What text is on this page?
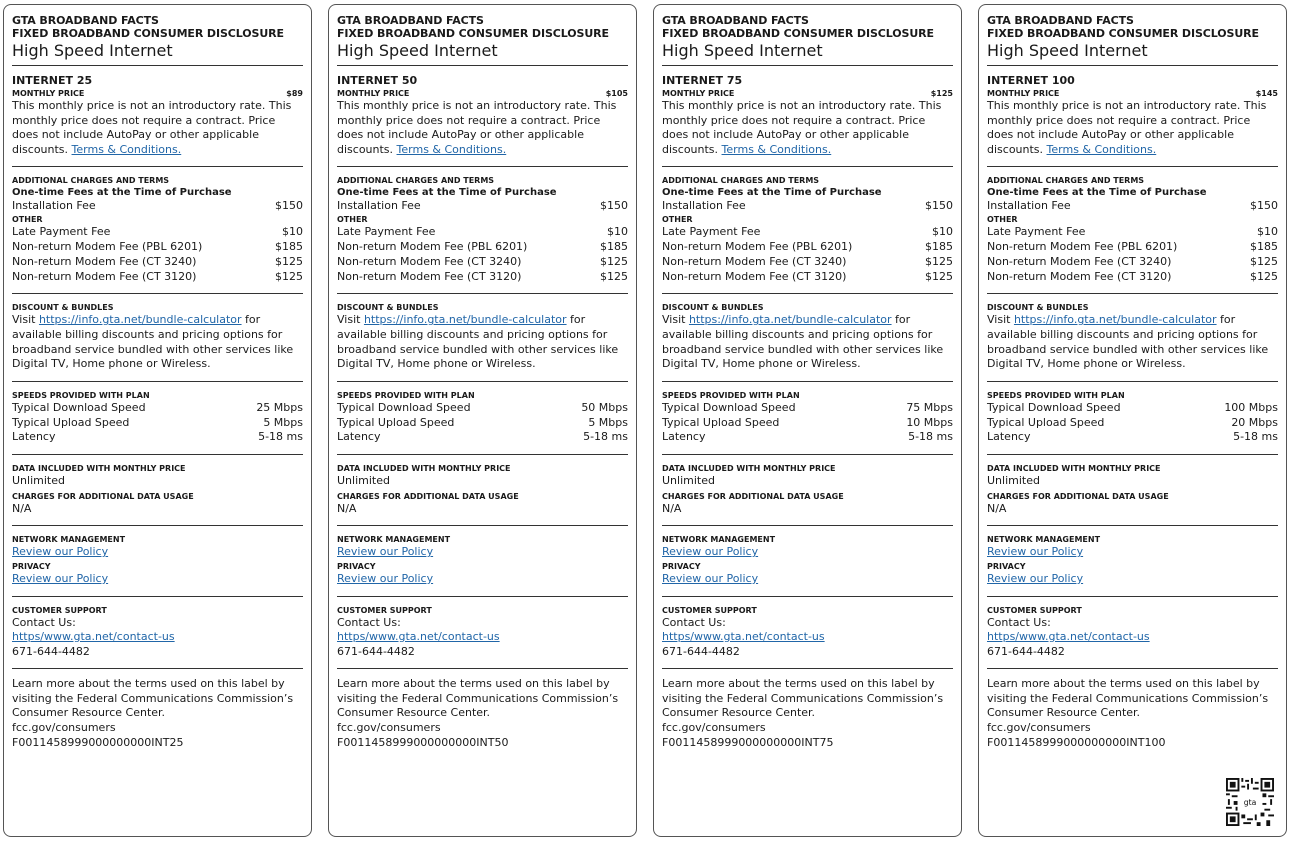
GTA BROADBAND FACTS
FIXED BROADBAND CONSUMER DISCLOSURE
High Speed Internet
INTERNET 25
MONTHLY PRICE	$89
This monthly price is not an introductory rate. This monthly price does not require a contract. Price does not include AutoPay or other applicable discounts. Terms & Conditions.
ADDITIONAL CHARGES AND TERMS
One-time Fees at the Time of Purchase
Installation Fee	$150
OTHER
Late Payment Fee	$10
Non-return Modem Fee (PBL 6201)	$185
Non-return Modem Fee (CT 3240)	$125
Non-return Modem Fee (CT 3120)	$125
DISCOUNT & BUNDLES
Visit https://info.gta.net/bundle-calculator for available billing discounts and pricing options for broadband service bundled with other services like Digital TV, Home phone or Wireless.
SPEEDS PROVIDED WITH PLAN
Typical Download Speed	25 Mbps
Typical Upload Speed	5 Mbps
Latency	5-18 ms
DATA INCLUDED WITH MONTHLY PRICE
Unlimited
CHARGES FOR ADDITIONAL DATA USAGE
N/A
NETWORK MANAGEMENT
Review our Policy
PRIVACY
Review our Policy
CUSTOMER SUPPORT
Contact Us:
https/www.gta.net/contact-us
671-644-4482
Learn more about the terms used on this label by visiting the Federal Communications Commission’s Consumer Resource Center.
fcc.gov/consumers
F0011458999000000000INT25
GTA BROADBAND FACTS
FIXED BROADBAND CONSUMER DISCLOSURE
High Speed Internet
INTERNET 50
MONTHLY PRICE	$105
This monthly price is not an introductory rate. This monthly price does not require a contract. Price does not include AutoPay or other applicable discounts. Terms & Conditions.
ADDITIONAL CHARGES AND TERMS
One-time Fees at the Time of Purchase
Installation Fee	$150
OTHER
Late Payment Fee	$10
Non-return Modem Fee (PBL 6201)	$185
Non-return Modem Fee (CT 3240)	$125
Non-return Modem Fee (CT 3120)	$125
DISCOUNT & BUNDLES
Visit https://info.gta.net/bundle-calculator for available billing discounts and pricing options for broadband service bundled with other services like Digital TV, Home phone or Wireless.
SPEEDS PROVIDED WITH PLAN
Typical Download Speed	50 Mbps
Typical Upload Speed	5 Mbps
Latency	5-18 ms
DATA INCLUDED WITH MONTHLY PRICE
Unlimited
CHARGES FOR ADDITIONAL DATA USAGE
N/A
NETWORK MANAGEMENT
Review our Policy
PRIVACY
Review our Policy
CUSTOMER SUPPORT
Contact Us:
https/www.gta.net/contact-us
671-644-4482
Learn more about the terms used on this label by visiting the Federal Communications Commission’s Consumer Resource Center.
fcc.gov/consumers
F0011458999000000000INT50
GTA BROADBAND FACTS
FIXED BROADBAND CONSUMER DISCLOSURE
High Speed Internet
INTERNET 75
MONTHLY PRICE	$125
This monthly price is not an introductory rate. This monthly price does not require a contract. Price does not include AutoPay or other applicable discounts. Terms & Conditions.
ADDITIONAL CHARGES AND TERMS
One-time Fees at the Time of Purchase
Installation Fee	$150
OTHER
Late Payment Fee	$10
Non-return Modem Fee (PBL 6201)	$185
Non-return Modem Fee (CT 3240)	$125
Non-return Modem Fee (CT 3120)	$125
DISCOUNT & BUNDLES
Visit https://info.gta.net/bundle-calculator for available billing discounts and pricing options for broadband service bundled with other services like Digital TV, Home phone or Wireless.
SPEEDS PROVIDED WITH PLAN
Typical Download Speed	75 Mbps
Typical Upload Speed	10 Mbps
Latency	5-18 ms
DATA INCLUDED WITH MONTHLY PRICE
Unlimited
CHARGES FOR ADDITIONAL DATA USAGE
N/A
NETWORK MANAGEMENT
Review our Policy
PRIVACY
Review our Policy
CUSTOMER SUPPORT
Contact Us:
https/www.gta.net/contact-us
671-644-4482
Learn more about the terms used on this label by visiting the Federal Communications Commission’s Consumer Resource Center.
fcc.gov/consumers
F0011458999000000000INT75
GTA BROADBAND FACTS
FIXED BROADBAND CONSUMER DISCLOSURE
High Speed Internet
INTERNET 100
MONTHLY PRICE	$145
This monthly price is not an introductory rate. This monthly price does not require a contract. Price does not include AutoPay or other applicable discounts. Terms & Conditions.
ADDITIONAL CHARGES AND TERMS
One-time Fees at the Time of Purchase
Installation Fee	$150
OTHER
Late Payment Fee	$10
Non-return Modem Fee (PBL 6201)	$185
Non-return Modem Fee (CT 3240)	$125
Non-return Modem Fee (CT 3120)	$125
DISCOUNT & BUNDLES
Visit https://info.gta.net/bundle-calculator for available billing discounts and pricing options for broadband service bundled with other services like Digital TV, Home phone or Wireless.
SPEEDS PROVIDED WITH PLAN
Typical Download Speed	100 Mbps
Typical Upload Speed	20 Mbps
Latency	5-18 ms
DATA INCLUDED WITH MONTHLY PRICE
Unlimited
CHARGES FOR ADDITIONAL DATA USAGE
N/A
NETWORK MANAGEMENT
Review our Policy
PRIVACY
Review our Policy
CUSTOMER SUPPORT
Contact Us:
https/www.gta.net/contact-us
671-644-4482
Learn more about the terms used on this label by visiting the Federal Communications Commission’s Consumer Resource Center.
fcc.gov/consumers
F0011458999000000000INT100
gta
